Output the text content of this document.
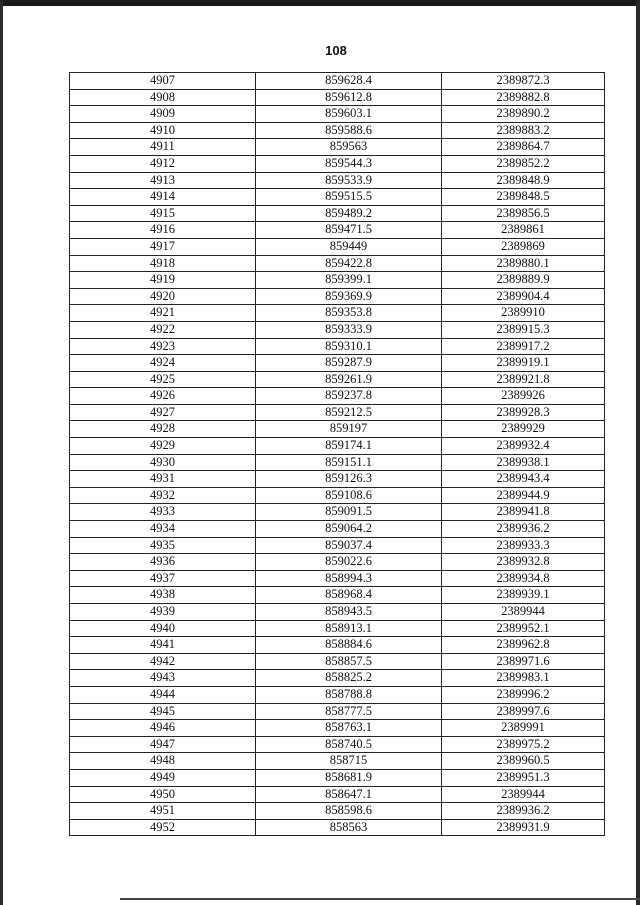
108
4907	859628.4	2389872.3
4908	859612.8	2389882.8
4909	859603.1	2389890.2
4910	859588.6	2389883.2
4911	859563	2389864.7
4912	859544.3	2389852.2
4913	859533.9	2389848.9
4914	859515.5	2389848.5
4915	859489.2	2389856.5
4916	859471.5	2389861
4917	859449	2389869
4918	859422.8	2389880.1
4919	859399.1	2389889.9
4920	859369.9	2389904.4
4921	859353.8	2389910
4922	859333.9	2389915.3
4923	859310.1	2389917.2
4924	859287.9	2389919.1
4925	859261.9	2389921.8
4926	859237.8	2389926
4927	859212.5	2389928.3
4928	859197	2389929
4929	859174.1	2389932.4
4930	859151.1	2389938.1
4931	859126.3	2389943.4
4932	859108.6	2389944.9
4933	859091.5	2389941.8
4934	859064.2	2389936.2
4935	859037.4	2389933.3
4936	859022.6	2389932.8
4937	858994.3	2389934.8
4938	858968.4	2389939.1
4939	858943.5	2389944
4940	858913.1	2389952.1
4941	858884.6	2389962.8
4942	858857.5	2389971.6
4943	858825.2	2389983.1
4944	858788.8	2389996.2
4945	858777.5	2389997.6
4946	858763.1	2389991
4947	858740.5	2389975.2
4948	858715	2389960.5
4949	858681.9	2389951.3
4950	858647.1	2389944
4951	858598.6	2389936.2
4952	858563	2389931.9
